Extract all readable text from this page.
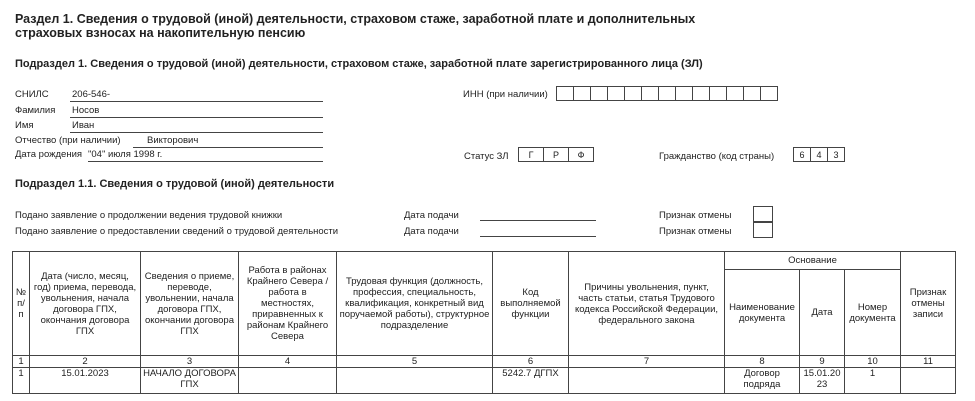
Раздел 1. Сведения о трудовой (иной) деятельности, страховом стаже, заработной плате и дополнительных страховых взносах на накопительную пенсию
Подраздел 1. Сведения о трудовой (иной) деятельности, страховом стаже, заработной плате зарегистрированного лица (ЗЛ)
СНИЛС 206-546-
Фамилия Носов
Имя	Иван
Отчество (при наличии)	Викторович
Дата рождения "04" июля 1998 г.
ИНН (при наличии)
Статус ЗЛ	Г	Р	Ф	Гражданство (код страны)	6	4	3
Подраздел 1.1. Сведения о трудовой (иной) деятельности
Подано заявление о продолжении ведения трудовой книжки	Дата подачи	Признак отмены
Подано заявление о предоставлении сведений о трудовой деятельности	Дата подачи	Признак отмены
№ п/п	Дата (число, месяц, год) приема, перевода, увольнения, начала договора ГПХ, окончания договора ГПХ	Сведения о приеме, переводе, увольнении, начала договора ГПХ, окончании договора ГПХ	Работа в районах Крайнего Севера / работа в местностях, приравненных к районам Крайнего Севера	Трудовая функция (должность, профессия, специальность, квалификация, конкретный вид поручаемой работы), структурное подразделение	Код выполняемой функции	Причины увольнения, пункт, часть статьи, статья Трудового кодекса Российской Федерации, федерального закона	Основание			Признак отмены записи
							Наименование документа	Дата	Номер документа	
1	2	3	4	5	6	7	8	9	10	11
1	15.01.2023	НАЧАЛО ДОГОВОРА ГПХ			5242.7 ДГПХ		Договор подряда	15.01.2023	1	
